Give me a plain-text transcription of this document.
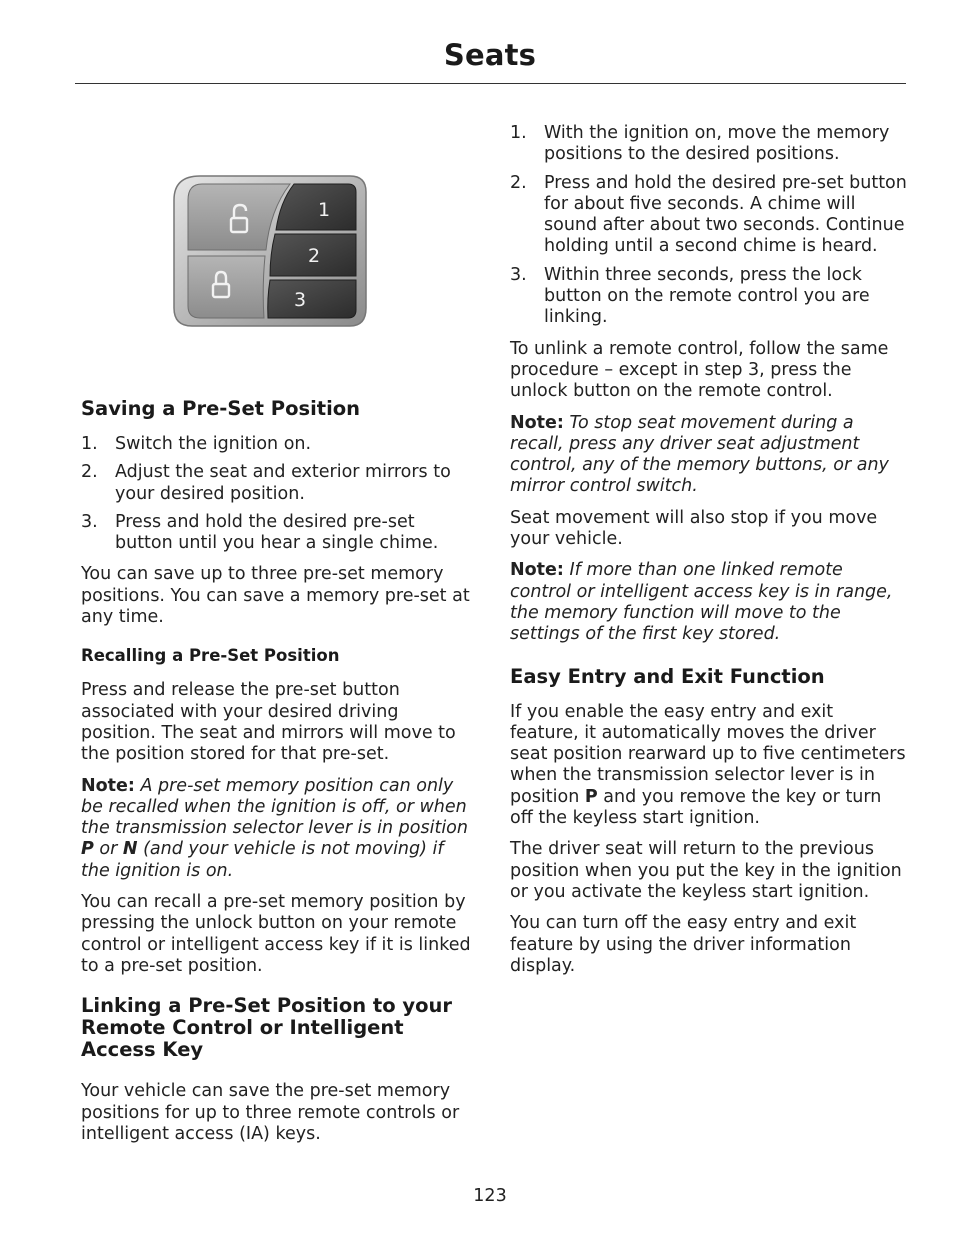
Seats
1
2
3
Saving a Pre-Set Position
1. Switch the ignition on.
2. Adjust the seat and exterior mirrors to your desired position.
3. Press and hold the desired pre-set button until you hear a single chime.

You can save up to three pre-set memory positions. You can save a memory pre-set at any time.

Recalling a Pre-Set Position

Press and release the pre-set button associated with your desired driving position. The seat and mirrors will move to the position stored for that pre-set.

Note: A pre-set memory position can only be recalled when the ignition is off, or when the transmission selector lever is in position P or N (and your vehicle is not moving) if the ignition is on.

You can recall a pre-set memory position by pressing the unlock button on your remote control or intelligent access key if it is linked to a pre-set position.

Linking a Pre-Set Position to your Remote Control or Intelligent Access Key

Your vehicle can save the pre-set memory positions for up to three remote controls or intelligent access (IA) keys.

1. With the ignition on, move the memory positions to the desired positions.
2. Press and hold the desired pre-set button for about five seconds. A chime will sound after about two seconds. Continue holding until a second chime is heard.
3. Within three seconds, press the lock button on the remote control you are linking.

To unlink a remote control, follow the same procedure – except in step 3, press the unlock button on the remote control.

Note: To stop seat movement during a recall, press any driver seat adjustment control, any of the memory buttons, or any mirror control switch.

Seat movement will also stop if you move your vehicle.

Note: If more than one linked remote control or intelligent access key is in range, the memory function will move to the settings of the first key stored.

Easy Entry and Exit Function

If you enable the easy entry and exit feature, it automatically moves the driver seat position rearward up to five centimeters when the transmission selector lever is in position P and you remove the key or turn off the keyless start ignition.

The driver seat will return to the previous position when you put the key in the ignition or you activate the keyless start ignition.

You can turn off the easy entry and exit feature by using the driver information display.

123
